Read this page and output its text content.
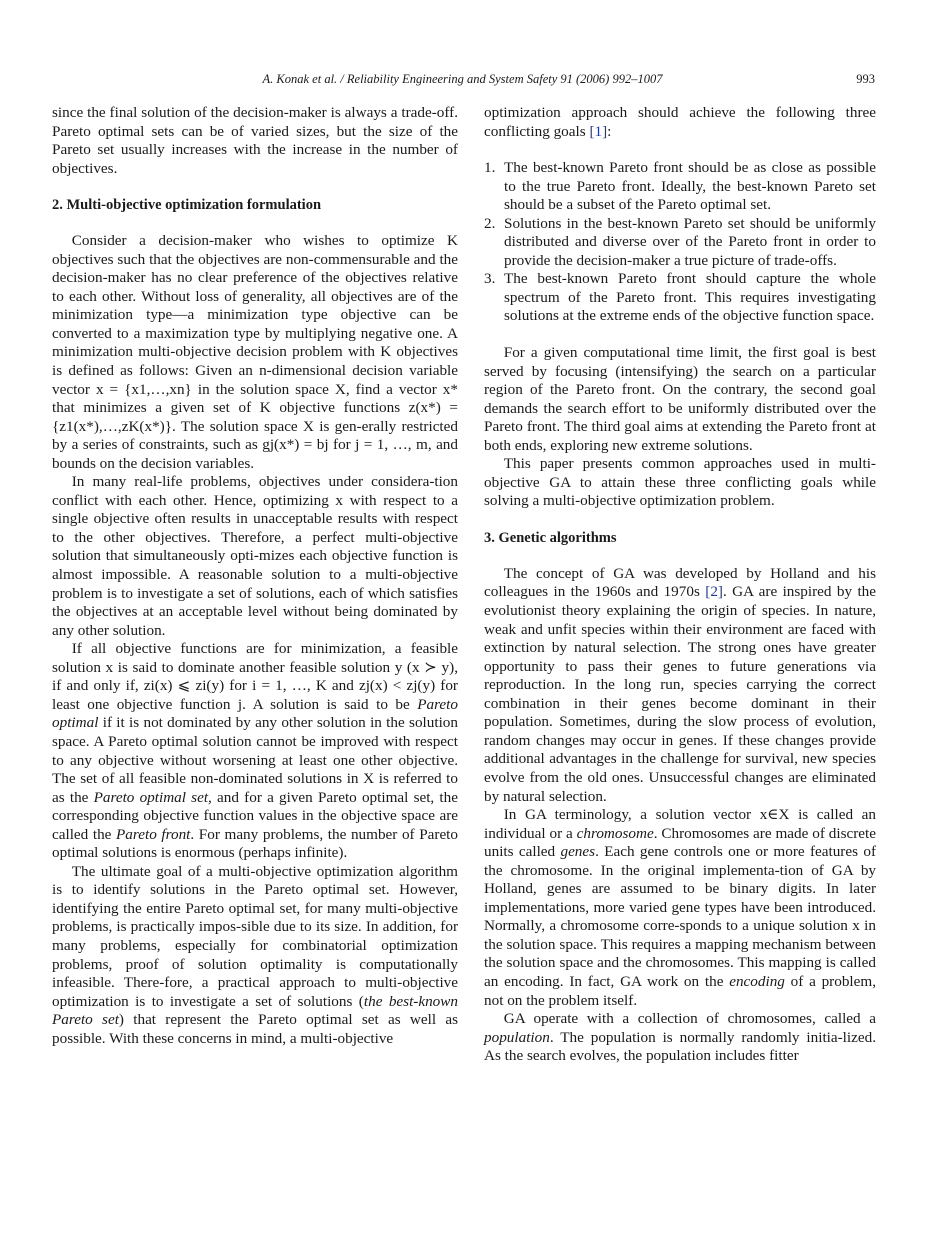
A. Konak et al. / Reliability Engineering and System Safety 91 (2006) 992–1007	993

since the final solution of the decision-maker is always a trade-off. Pareto optimal sets can be of varied sizes, but the size of the Pareto set usually increases with the increase in the number of objectives.

2. Multi-objective optimization formulation

Consider a decision-maker who wishes to optimize K objectives such that the objectives are non-commensurable and the decision-maker has no clear preference of the objectives relative to each other. Without loss of generality, all objectives are of the minimization type—a minimization type objective can be converted to a maximization type by multiplying negative one. A minimization multi-objective decision problem with K objectives is defined as follows: Given an n-dimensional decision variable vector x = {x1,…,xn} in the solution space X, find a vector x* that minimizes a given set of K objective functions z(x*) = {z1(x*),…,zK(x*)}. The solution space X is gen-erally restricted by a series of constraints, such as gj(x*) = bj for j = 1, …, m, and bounds on the decision variables.

In many real-life problems, objectives under considera-tion conflict with each other. Hence, optimizing x with respect to a single objective often results in unacceptable results with respect to the other objectives. Therefore, a perfect multi-objective solution that simultaneously opti-mizes each objective function is almost impossible. A reasonable solution to a multi-objective problem is to investigate a set of solutions, each of which satisfies the objectives at an acceptable level without being dominated by any other solution.

If all objective functions are for minimization, a feasible solution x is said to dominate another feasible solution y (x ≻ y), if and only if, zi(x) ⩽ zi(y) for i = 1, …, K and zj(x) < zj(y) for least one objective function j. A solution is said to be Pareto optimal if it is not dominated by any other solution in the solution space. A Pareto optimal solution cannot be improved with respect to any objective without worsening at least one other objective. The set of all feasible non-dominated solutions in X is referred to as the Pareto optimal set, and for a given Pareto optimal set, the corresponding objective function values in the objective space are called the Pareto front. For many problems, the number of Pareto optimal solutions is enormous (perhaps infinite).

The ultimate goal of a multi-objective optimization algorithm is to identify solutions in the Pareto optimal set. However, identifying the entire Pareto optimal set, for many multi-objective problems, is practically impos-sible due to its size. In addition, for many problems, especially for combinatorial optimization problems, proof of solution optimality is computationally infeasible. There-fore, a practical approach to multi-objective optimization is to investigate a set of solutions (the best-known Pareto set) that represent the Pareto optimal set as well as possible. With these concerns in mind, a multi-objective

optimization approach should achieve the following three conflicting goals [1]:

1. The best-known Pareto front should be as close as possible to the true Pareto front. Ideally, the best-known Pareto set should be a subset of the Pareto optimal set.
2. Solutions in the best-known Pareto set should be uniformly distributed and diverse over of the Pareto front in order to provide the decision-maker a true picture of trade-offs.
3. The best-known Pareto front should capture the whole spectrum of the Pareto front. This requires investigating solutions at the extreme ends of the objective function space.

For a given computational time limit, the first goal is best served by focusing (intensifying) the search on a particular region of the Pareto front. On the contrary, the second goal demands the search effort to be uniformly distributed over the Pareto front. The third goal aims at extending the Pareto front at both ends, exploring new extreme solutions.

This paper presents common approaches used in multi-objective GA to attain these three conflicting goals while solving a multi-objective optimization problem.

3. Genetic algorithms

The concept of GA was developed by Holland and his colleagues in the 1960s and 1970s [2]. GA are inspired by the evolutionist theory explaining the origin of species. In nature, weak and unfit species within their environment are faced with extinction by natural selection. The strong ones have greater opportunity to pass their genes to future generations via reproduction. In the long run, species carrying the correct combination in their genes become dominant in their population. Sometimes, during the slow process of evolution, random changes may occur in genes. If these changes provide additional advantages in the challenge for survival, new species evolve from the old ones. Unsuccessful changes are eliminated by natural selection.

In GA terminology, a solution vector x∈X is called an individual or a chromosome. Chromosomes are made of discrete units called genes. Each gene controls one or more features of the chromosome. In the original implementa-tion of GA by Holland, genes are assumed to be binary digits. In later implementations, more varied gene types have been introduced. Normally, a chromosome corre-sponds to a unique solution x in the solution space. This requires a mapping mechanism between the solution space and the chromosomes. This mapping is called an encoding. In fact, GA work on the encoding of a problem, not on the problem itself.

GA operate with a collection of chromosomes, called a population. The population is normally randomly initia-lized. As the search evolves, the population includes fitter
